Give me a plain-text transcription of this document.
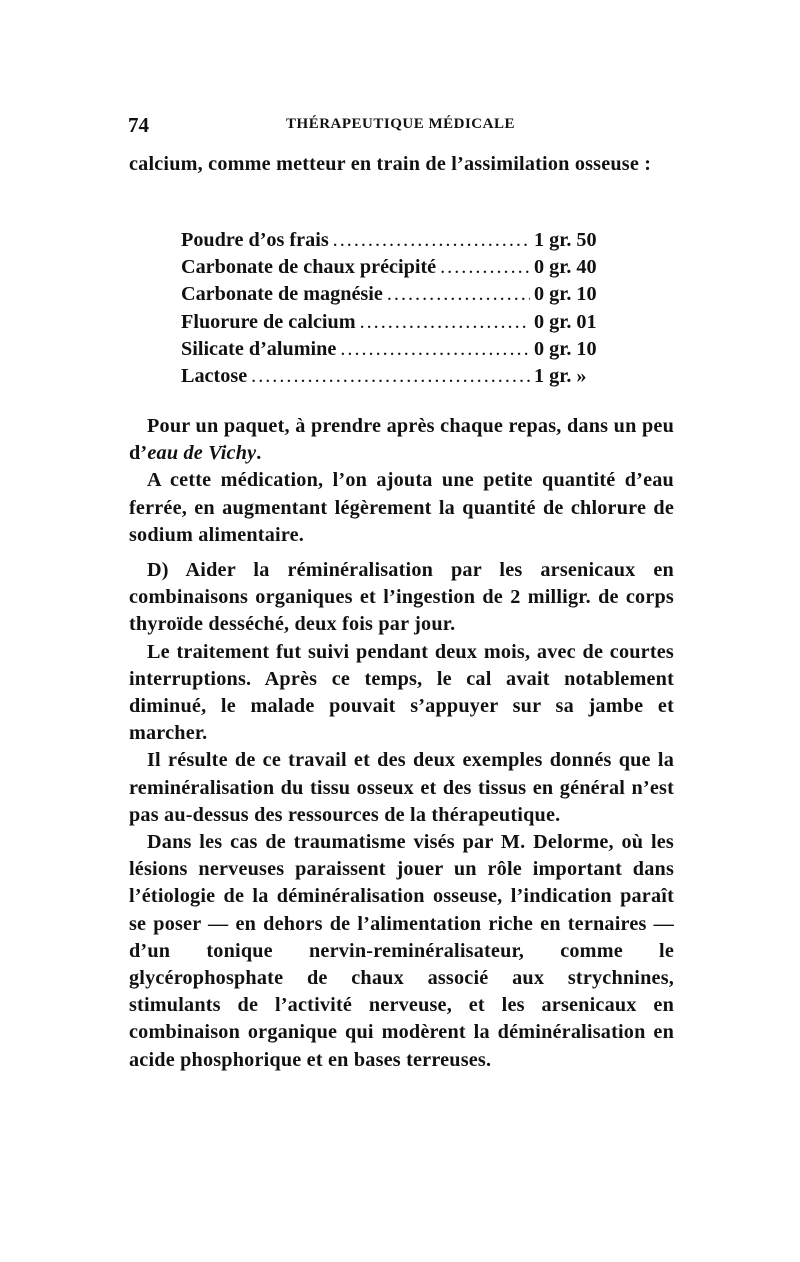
74	THÉRAPEUTIQUE MÉDICALE

calcium, comme metteur en train de l’assimilation osseuse :

Poudre d’os frais .....	1 gr. 50
Carbonate de chaux précipité .....	0 gr. 40
Carbonate de magnésie .....	0 gr. 10
Fluorure de calcium .....	0 gr. 01
Silicate d’alumine .....	0 gr. 10
Lactose .....	1 gr. »

Pour un paquet, à prendre après chaque repas, dans un peu d’eau de Vichy.

A cette médication, l’on ajouta une petite quantité d’eau ferrée, en augmentant légèrement la quantité de chlorure de sodium alimentaire.

D) Aider la réminéralisation par les arsenicaux en combinaisons organiques et l’ingestion de 2 milligr. de corps thyroïde desséché, deux fois par jour.

Le traitement fut suivi pendant deux mois, avec de courtes interruptions. Après ce temps, le cal avait notablement diminué, le malade pouvait s’appuyer sur sa jambe et marcher.

Il résulte de ce travail et des deux exemples donnés que la reminéralisation du tissu osseux et des tissus en général n’est pas au-dessus des ressources de la thérapeutique.

Dans les cas de traumatisme visés par M. Delorme, où les lésions nerveuses paraissent jouer un rôle important dans l’étiologie de la déminéralisation osseuse, l’indication paraît se poser — en dehors de l’alimentation riche en ternaires — d’un tonique nervin-reminéralisateur, comme le glycérophosphate de chaux associé aux strychnines, stimulants de l’activité nerveuse, et les arsenicaux en combinaison organique qui modèrent la déminéralisation en acide phosphorique et en bases terreuses.
